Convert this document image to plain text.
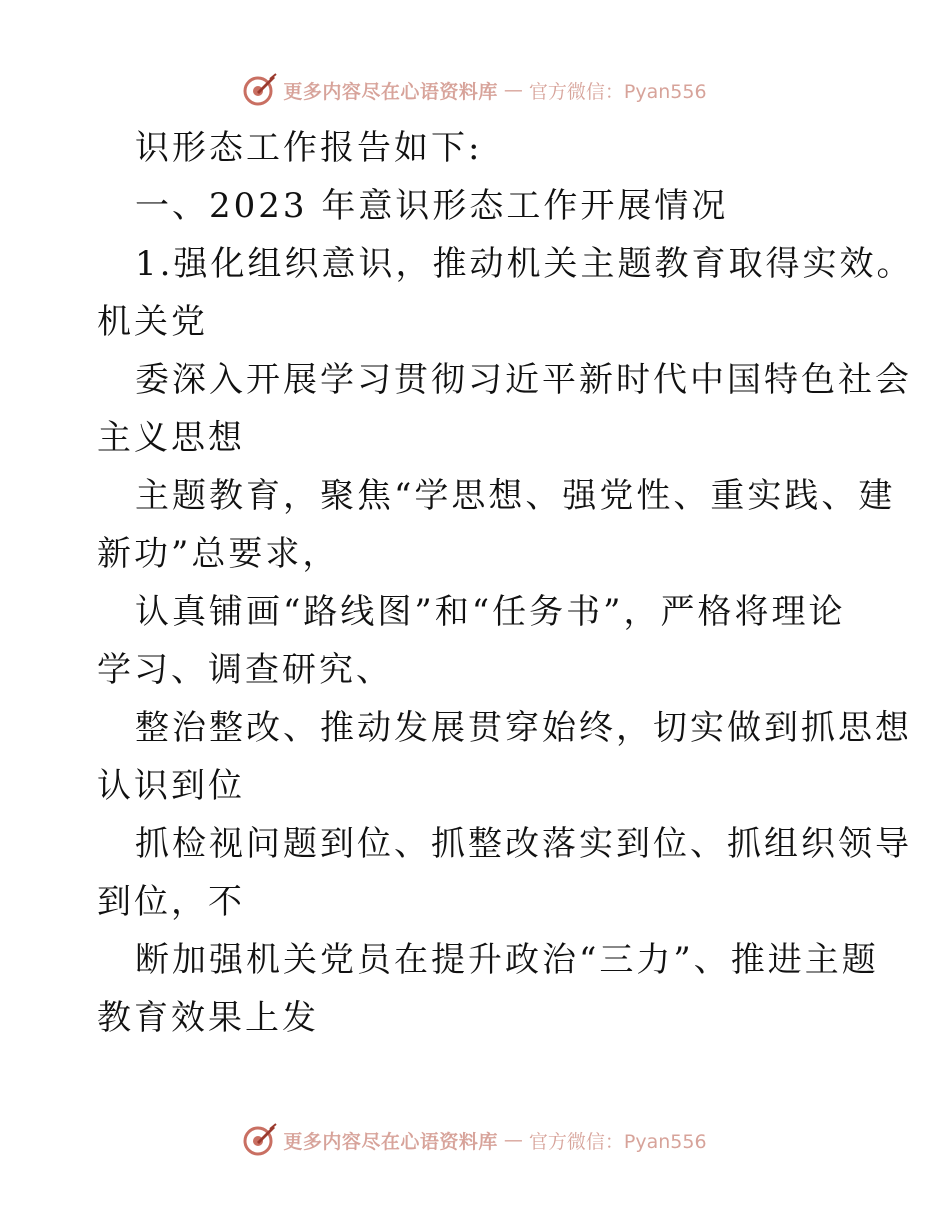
更多内容尽在心语资料库 — 官方微信：Pyan556
识形态工作报告如下:
一、2023 年意识形态工作开展情况
1.强化组织意识，推动机关主题教育取得实效。
机关党
委深入开展学习贯彻习近平新时代中国特色社会
主义思想
主题教育，聚焦“学思想、强党性、重实践、建
新功”总要求，
认真铺画“路线图”和“任务书”，严格将理论
学习、调查研究、
整治整改、推动发展贯穿始终，切实做到抓思想
认识到位
抓检视问题到位、抓整改落实到位、抓组织领导
到位，不
断加强机关党员在提升政治“三力”、推进主题
教育效果上发
更多内容尽在心语资料库 — 官方微信：Pyan556
